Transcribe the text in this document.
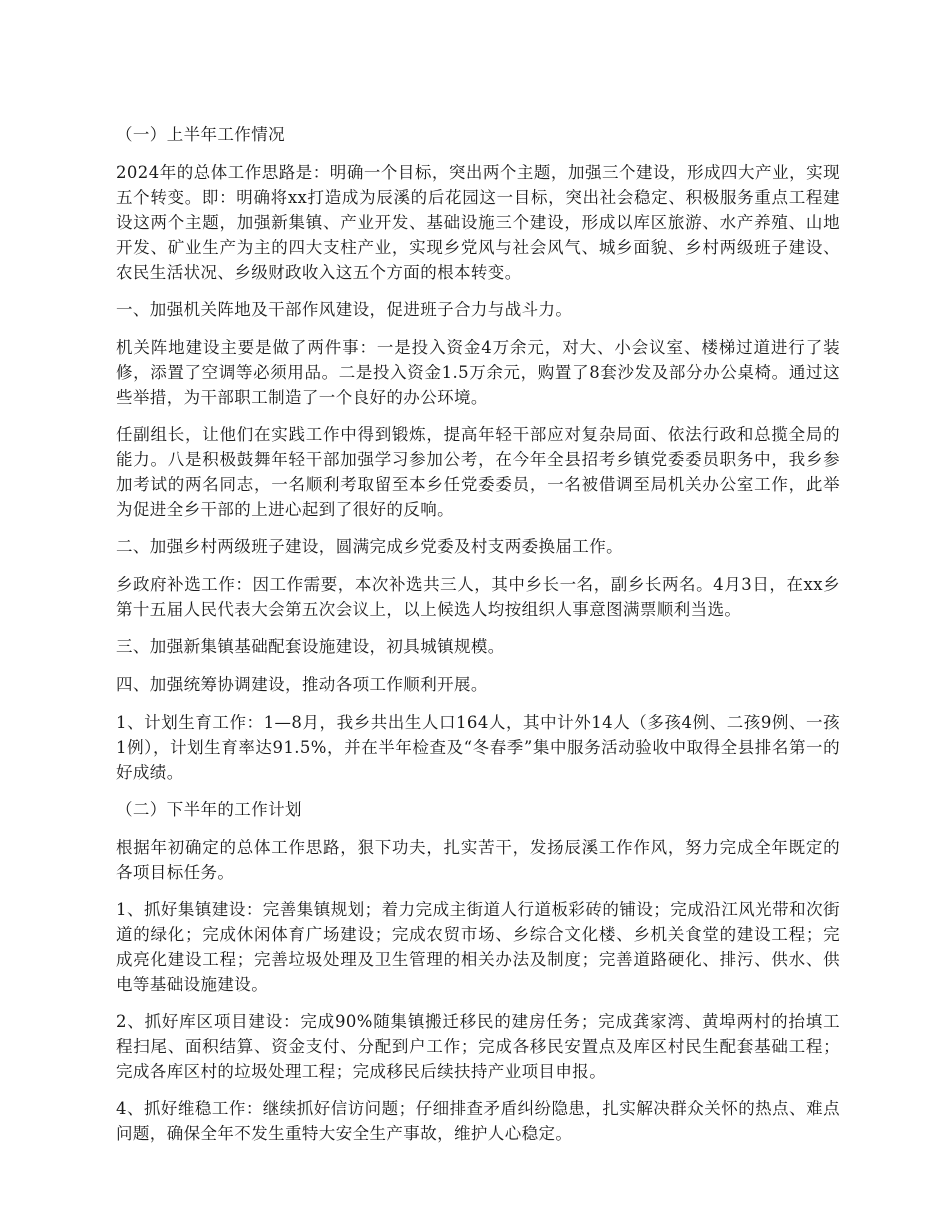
（一）上半年工作情况

2024年的总体工作思路是：明确一个目标，突出两个主题，加强三个建设，形成四大产业，实现五个转变。即：明确将xx打造成为辰溪的后花园这一目标，突出社会稳定、积极服务重点工程建设这两个主题，加强新集镇、产业开发、基础设施三个建设，形成以库区旅游、水产养殖、山地开发、矿业生产为主的四大支柱产业，实现乡党风与社会风气、城乡面貌、乡村两级班子建设、农民生活状况、乡级财政收入这五个方面的根本转变。

一、加强机关阵地及干部作风建设，促进班子合力与战斗力。

机关阵地建设主要是做了两件事：一是投入资金4万余元，对大、小会议室、楼梯过道进行了装修，添置了空调等必须用品。二是投入资金1.5万余元，购置了8套沙发及部分办公桌椅。通过这些举措，为干部职工制造了一个良好的办公环境。

任副组长，让他们在实践工作中得到锻炼，提高年轻干部应对复杂局面、依法行政和总揽全局的能力。八是积极鼓舞年轻干部加强学习参加公考，在今年全县招考乡镇党委委员职务中，我乡参加考试的两名同志，一名顺利考取留至本乡任党委委员，一名被借调至局机关办公室工作，此举为促进全乡干部的上进心起到了很好的反响。

二、加强乡村两级班子建设，圆满完成乡党委及村支两委换届工作。

乡政府补选工作：因工作需要，本次补选共三人，其中乡长一名，副乡长两名。4月3日，在xx乡第十五届人民代表大会第五次会议上，以上候选人均按组织人事意图满票顺利当选。

三、加强新集镇基础配套设施建设，初具城镇规模。

四、加强统筹协调建设，推动各项工作顺利开展。

1、计划生育工作：1—8月，我乡共出生人口164人，其中计外14人（多孩4例、二孩9例、一孩1例），计划生育率达91.5%，并在半年检查及“冬春季”集中服务活动验收中取得全县排名第一的好成绩。

（二）下半年的工作计划

根据年初确定的总体工作思路，狠下功夫，扎实苦干，发扬辰溪工作作风，努力完成全年既定的各项目标任务。

1、抓好集镇建设：完善集镇规划；着力完成主街道人行道板彩砖的铺设；完成沿江风光带和次街道的绿化；完成休闲体育广场建设；完成农贸市场、乡综合文化楼、乡机关食堂的建设工程；完成亮化建设工程；完善垃圾处理及卫生管理的相关办法及制度；完善道路硬化、排污、供水、供电等基础设施建设。

2、抓好库区项目建设：完成90%随集镇搬迁移民的建房任务；完成龚家湾、黄埠两村的抬填工程扫尾、面积结算、资金支付、分配到户工作；完成各移民安置点及库区村民生配套基础工程；完成各库区村的垃圾处理工程；完成移民后续扶持产业项目申报。

4、抓好维稳工作：继续抓好信访问题；仔细排查矛盾纠纷隐患，扎实解决群众关怀的热点、难点问题，确保全年不发生重特大安全生产事故，维护人心稳定。
